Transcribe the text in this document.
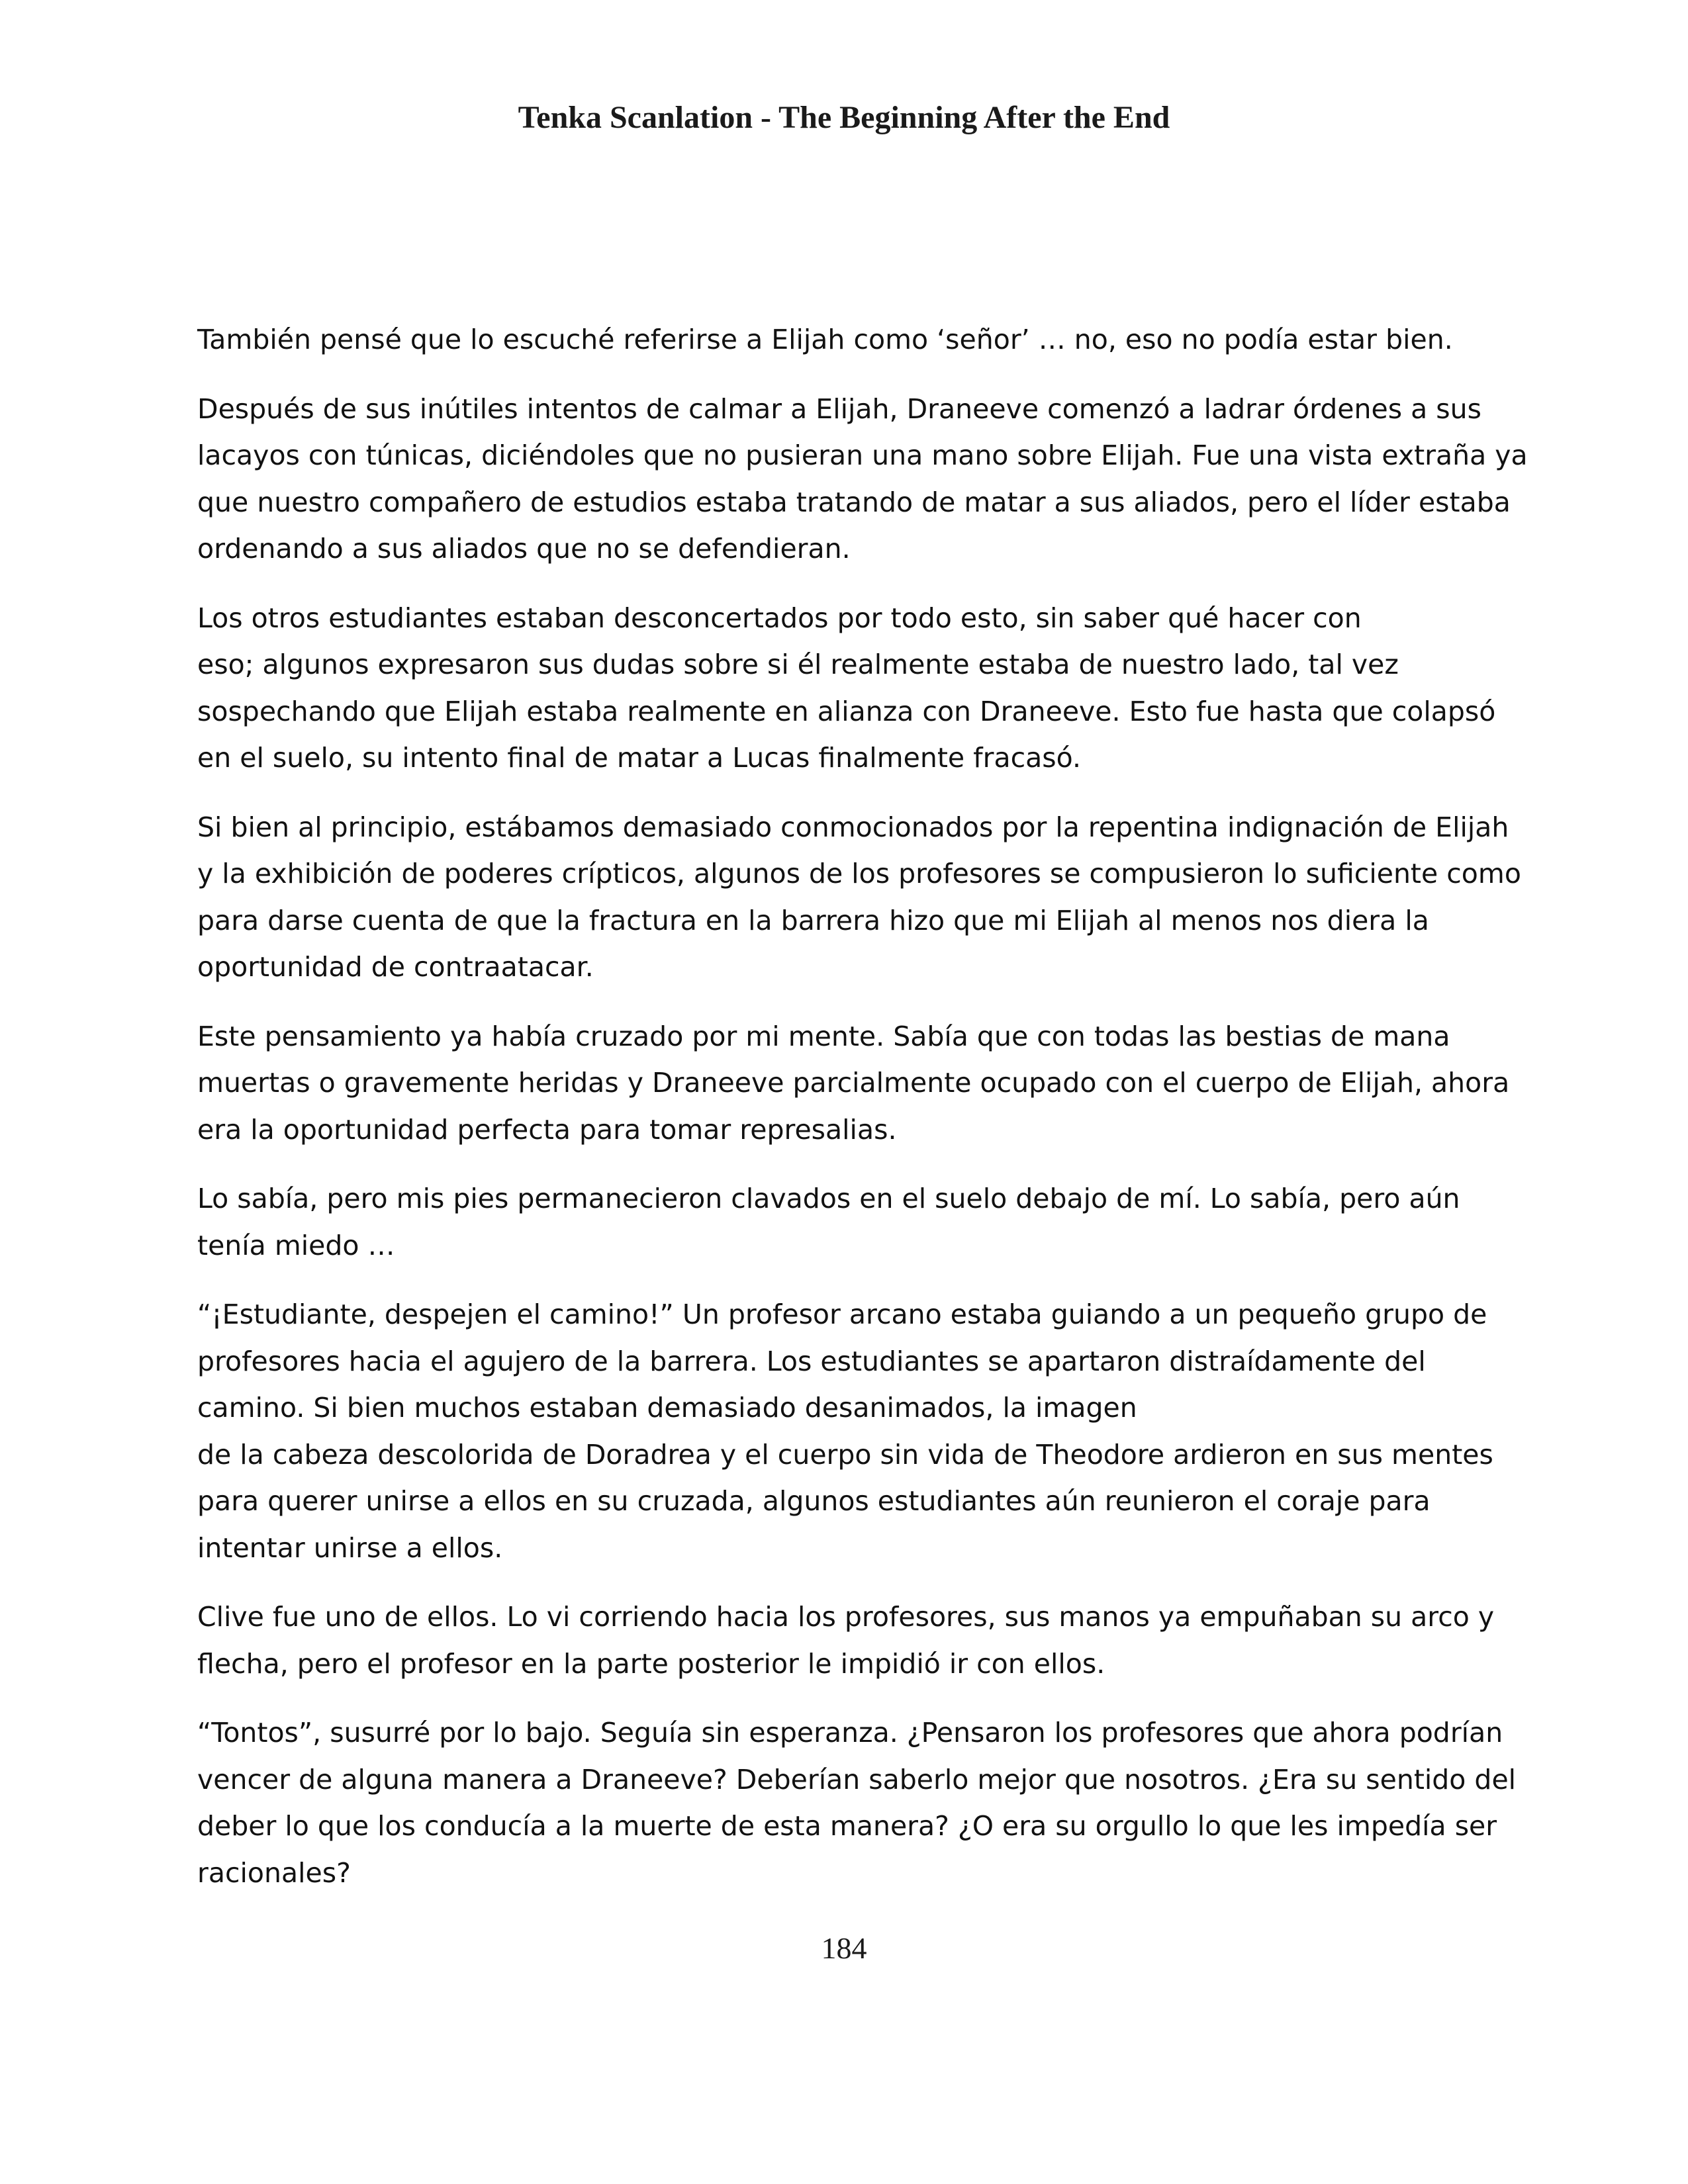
Tenka Scanlation - The Beginning After the End

También pensé que lo escuché referirse a Elijah como ‘señor’ … no, eso no podía estar bien.

Después de sus inútiles intentos de calmar a Elijah, Draneeve comenzó a ladrar órdenes a sus
lacayos con túnicas, diciéndoles que no pusieran una mano sobre Elijah. Fue una vista extraña ya
que nuestro compañero de estudios estaba tratando de matar a sus aliados, pero el líder estaba
ordenando a sus aliados que no se defendieran.

Los otros estudiantes estaban desconcertados por todo esto, sin saber qué hacer con
eso; algunos expresaron sus dudas sobre si él realmente estaba de nuestro lado, tal vez
sospechando que Elijah estaba realmente en alianza con Draneeve. Esto fue hasta que colapsó
en el suelo, su intento final de matar a Lucas finalmente fracasó.

Si bien al principio, estábamos demasiado conmocionados por la repentina indignación de Elijah
y la exhibición de poderes crípticos, algunos de los profesores se compusieron lo suficiente como
para darse cuenta de que la fractura en la barrera hizo que mi Elijah al menos nos diera la
oportunidad de contraatacar.

Este pensamiento ya había cruzado por mi mente. Sabía que con todas las bestias de mana
muertas o gravemente heridas y Draneeve parcialmente ocupado con el cuerpo de Elijah, ahora
era la oportunidad perfecta para tomar represalias.

Lo sabía, pero mis pies permanecieron clavados en el suelo debajo de mí. Lo sabía, pero aún
tenía miedo …

“¡Estudiante, despejen el camino!” Un profesor arcano estaba guiando a un pequeño grupo de
profesores hacia el agujero de la barrera. Los estudiantes se apartaron distraídamente del
camino. Si bien muchos estaban demasiado desanimados, la imagen
de la cabeza descolorida de Doradrea y el cuerpo sin vida de Theodore ardieron en sus mentes
para querer unirse a ellos en su cruzada, algunos estudiantes aún reunieron el coraje para
intentar unirse a ellos.

Clive fue uno de ellos. Lo vi corriendo hacia los profesores, sus manos ya empuñaban su arco y
flecha, pero el profesor en la parte posterior le impidió ir con ellos.

“Tontos”, susurré por lo bajo. Seguía sin esperanza. ¿Pensaron los profesores que ahora podrían
vencer de alguna manera a Draneeve? Deberían saberlo mejor que nosotros. ¿Era su sentido del
deber lo que los conducía a la muerte de esta manera? ¿O era su orgullo lo que les impedía ser
racionales?

184
